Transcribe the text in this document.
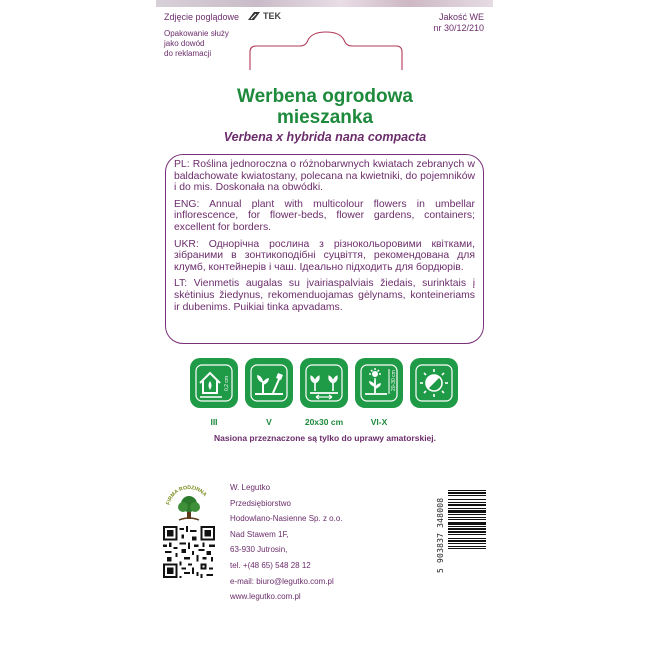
Zdjęcie poglądowe	TEK	Jakość WE
nr 30/12/210
Opakowanie służy
jako dowód
do reklamacji
Werbena ogrodowa
mieszanka
Verbena x hybrida nana compacta

PL: Roślina jednoroczna o różnobarwnych kwiatach zebranych w baldachowate kwiatostany, polecana na kwietniki, do pojemników i do mis. Doskonała na obwódki.

ENG: Annual plant with multicolour flowers in umbellar inflorescence, for flower-beds, flower gardens, containers; excellent for borders.

UKR: Однорічна рослина з різнокольоровими квітками, зібраними в зонтикоподібні суцвіття, рекомендована для клумб, контейнерів і чаш. Ідеально підходить для бордюрів.

LT: Vienmetis augalas su įvairiaspalviais žiedais, surinktais į skėtinius žiedynus, rekomenduojamas gėlynams, konteineriams ir dubenims. Puikiai tinka apvadams.

0,2 cm	20-30 cm
III	V	20x30 cm	VI-X
Nasiona przeznaczone są tylko do uprawy amatorskiej.
FIRMA RODZINNA
W. Legutko
Przedsiębiorstwo
Hodowlano-Nasienne Sp. z o.o.
Nad Stawem 1F,
63-930 Jutrosin,
tel. +(48 65) 548 28 12
e-mail: biuro@legutko.com.pl
www.legutko.com.pl
5 903837 348008
